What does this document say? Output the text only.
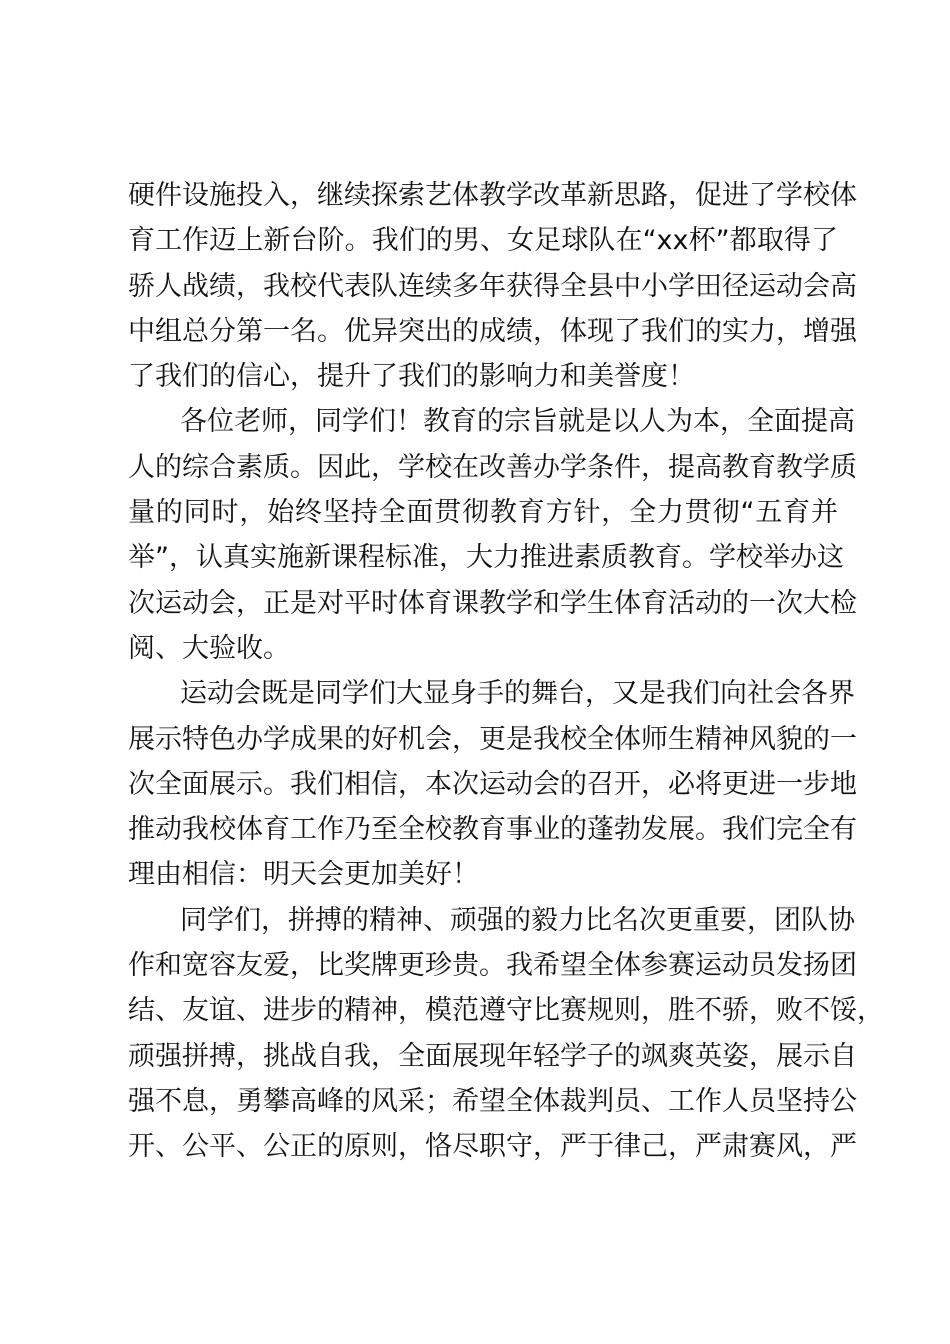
硬件设施投入，继续探索艺体教学改革新思路，促进了学校体
育工作迈上新台阶。我们的男、女足球队在“xx杯”都取得了
骄人战绩，我校代表队连续多年获得全县中小学田径运动会高
中组总分第一名。优异突出的成绩，体现了我们的实力，增强
了我们的信心，提升了我们的影响力和美誉度！
各位老师，同学们！教育的宗旨就是以人为本，全面提高
人的综合素质。因此，学校在改善办学条件，提高教育教学质
量的同时，始终坚持全面贯彻教育方针，全力贯彻“五育并
举”，认真实施新课程标准，大力推进素质教育。学校举办这
次运动会，正是对平时体育课教学和学生体育活动的一次大检
阅、大验收。
运动会既是同学们大显身手的舞台，又是我们向社会各界
展示特色办学成果的好机会，更是我校全体师生精神风貌的一
次全面展示。我们相信，本次运动会的召开，必将更进一步地
推动我校体育工作乃至全校教育事业的蓬勃发展。我们完全有
理由相信：明天会更加美好！
同学们，拼搏的精神、顽强的毅力比名次更重要，团队协
作和宽容友爱，比奖牌更珍贵。我希望全体参赛运动员发扬团
结、友谊、进步的精神，模范遵守比赛规则，胜不骄，败不馁，
顽强拼搏，挑战自我，全面展现年轻学子的飒爽英姿，展示自
强不息，勇攀高峰的风采；希望全体裁判员、工作人员坚持公
开、公平、公正的原则，恪尽职守，严于律己，严肃赛风，严
